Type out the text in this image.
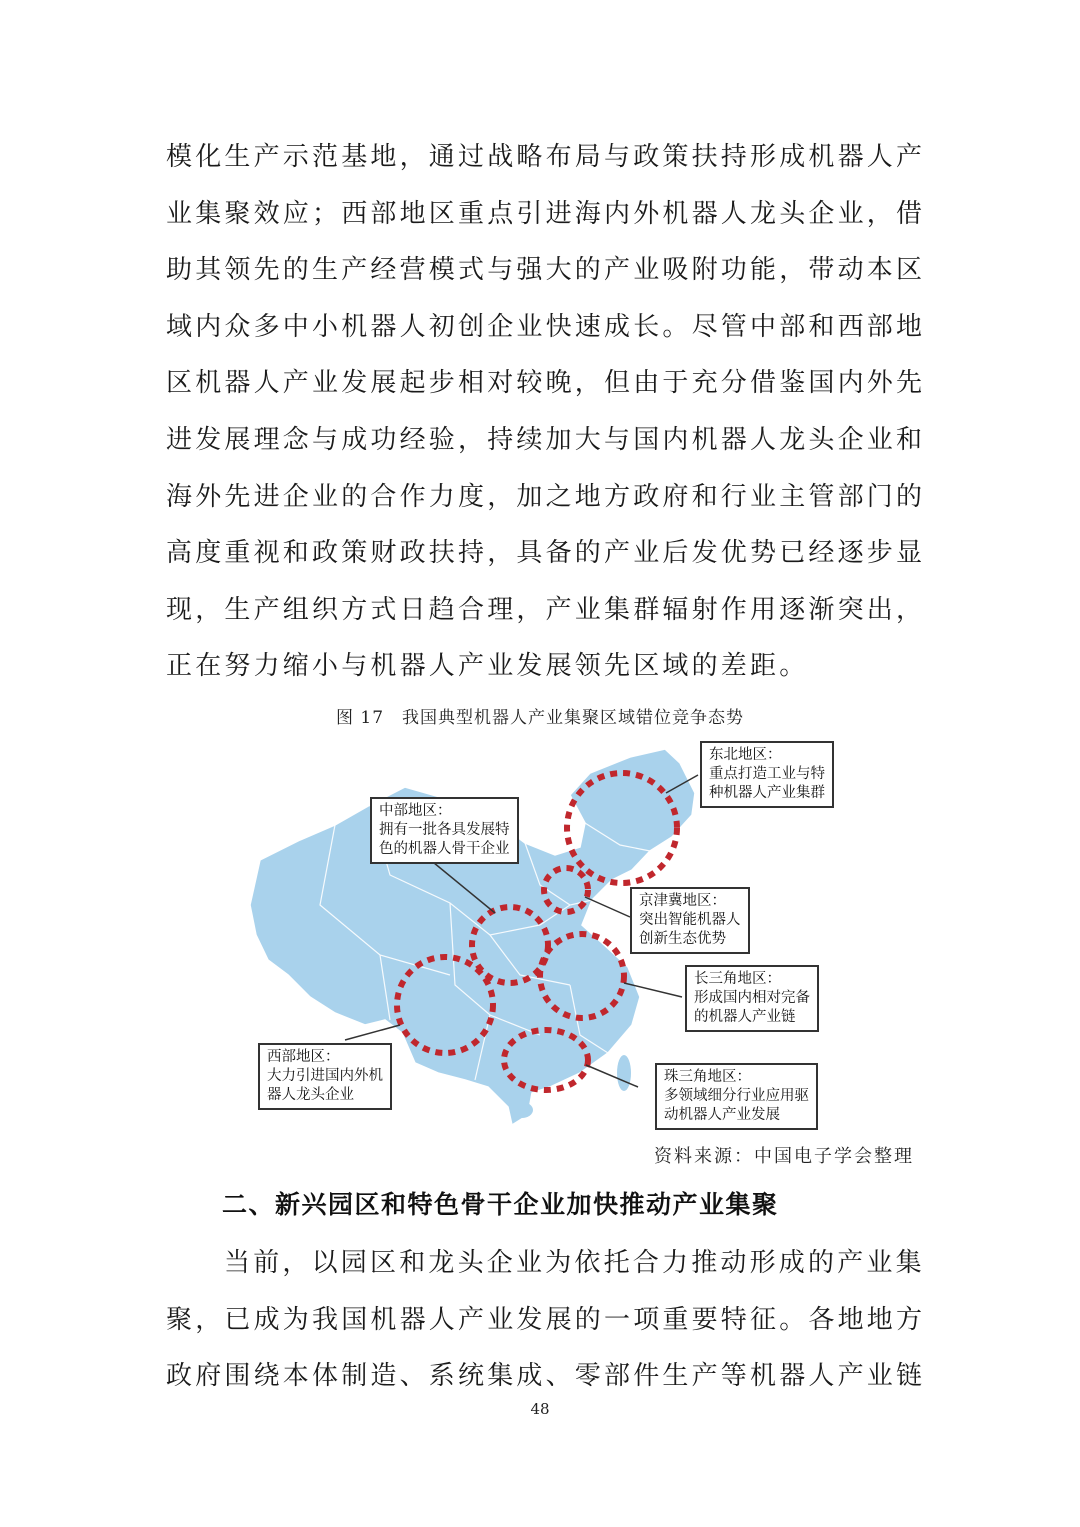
模化生产示范基地，通过战略布局与政策扶持形成机器人产
业集聚效应；西部地区重点引进海内外机器人龙头企业，借
助其领先的生产经营模式与强大的产业吸附功能，带动本区
域内众多中小机器人初创企业快速成长。尽管中部和西部地
区机器人产业发展起步相对较晚，但由于充分借鉴国内外先
进发展理念与成功经验，持续加大与国内机器人龙头企业和
海外先进企业的合作力度，加之地方政府和行业主管部门的
高度重视和政策财政扶持，具备的产业后发优势已经逐步显
现，生产组织方式日趋合理，产业集群辐射作用逐渐突出，
正在努力缩小与机器人产业发展领先区域的差距。
图 17　我国典型机器人产业集聚区域错位竞争态势
东北地区：
重点打造工业与特
种机器人产业集群
中部地区：
拥有一批各具发展特
色的机器人骨干企业
京津冀地区：
突出智能机器人
创新生态优势
长三角地区：
形成国内相对完备
的机器人产业链
西部地区：
大力引进国内外机
器人龙头企业
珠三角地区：
多领域细分行业应用驱
动机器人产业发展
资料来源：中国电子学会整理
二、新兴园区和特色骨干企业加快推动产业集聚
当前，以园区和龙头企业为依托合力推动形成的产业集
聚，已成为我国机器人产业发展的一项重要特征。各地地方
政府围绕本体制造、系统集成、零部件生产等机器人产业链
48
